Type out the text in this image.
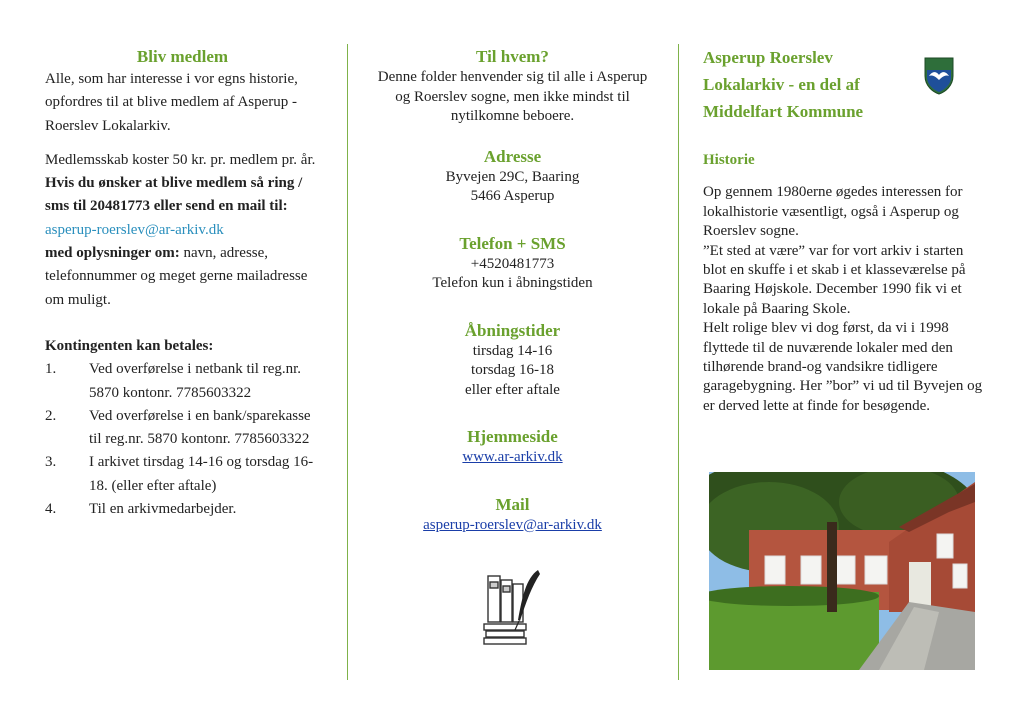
Bliv medlem

Alle, som har interesse i vor egns historie, opfordres til at blive medlem af Asperup - Roerslev Lokalarkiv.

Medlemsskab koster 50 kr. pr. medlem pr. år.

Hvis du ønsker at blive medlem så ring / sms til 20481773 eller send en mail til:

asperup-roerslev@ar-arkiv.dk

med oplysninger om: navn, adresse, telefonnummer og meget gerne mailadresse om muligt.

Kontingenten kan betales:

1. Ved overførelse i netbank til reg.nr. 5870 kontonr. 7785603322
2. Ved overførelse i en bank/sparekasse til reg.nr. 5870 kontonr. 7785603322
3. I arkivet tirsdag 14-16 og torsdag 16-18. (eller efter aftale)
4. Til en arkivmedarbejder.
Til hvem?

Denne folder henvender sig til alle i Asperup og Roerslev sogne, men ikke mindst til nytilkomne beboere.

Adresse

Byvejen 29C, Baaring

5466 Asperup

Telefon + SMS

+4520481773

Telefon kun i åbningstiden

Åbningstider

tirsdag 14-16

torsdag 16-18

eller efter aftale

Hjemmeside

www.ar-arkiv.dk

Mail

asperup-roerslev@ar-arkiv.dk

Asperup Roerslev

Lokalarkiv - en del af

Middelfart Kommune

Historie

Op gennem 1980erne øgedes interessen for lokalhistorie væsentligt, også i Asperup og Roerslev sogne.

”Et sted at være” var for vort arkiv i starten blot en skuffe i et skab i et klasseværelse på Baaring Højskole. December 1990 fik vi et lokale på Baaring Skole.

Helt rolige blev vi dog først, da vi i 1998 flyttede til de nuværende lokaler med den tilhørende brand-og vandsikre tidligere garagebygning. Her ”bor” vi ud til Byvejen og er derved lette at finde for besøgende.
